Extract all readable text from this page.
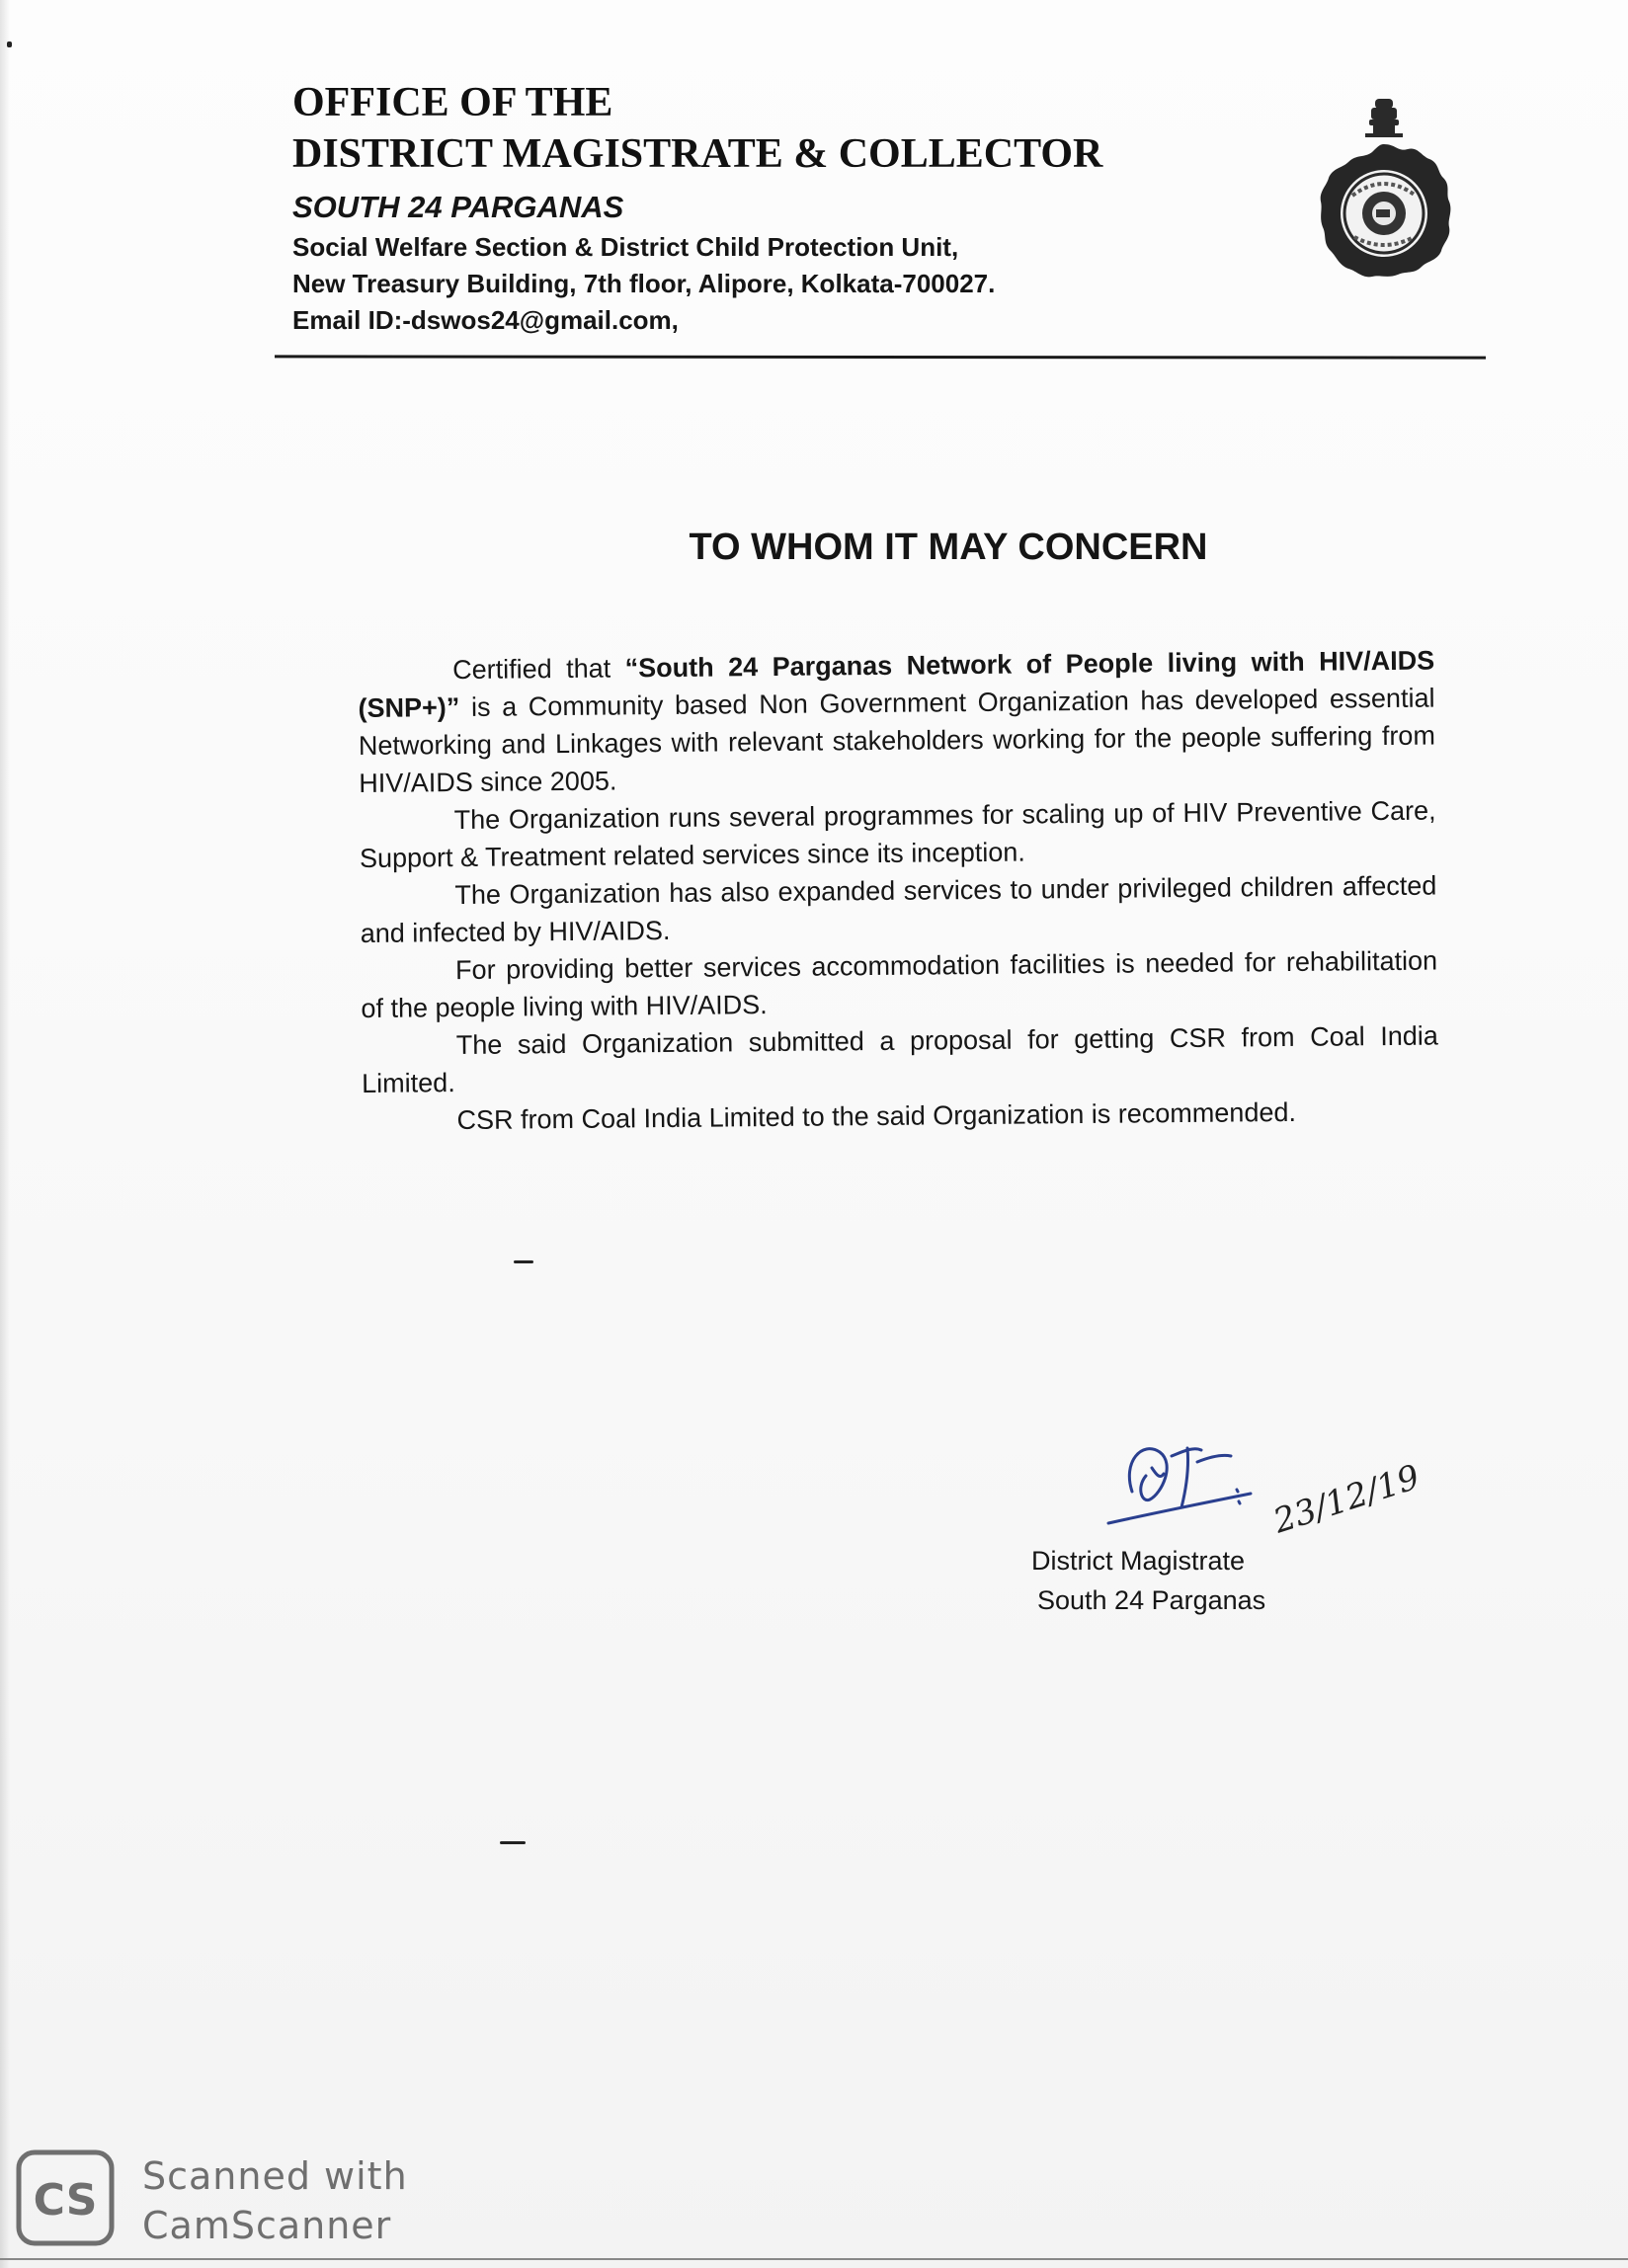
OFFICE OF THE
DISTRICT MAGISTRATE & COLLECTOR
SOUTH 24 PARGANAS
Social Welfare Section & District Child Protection Unit,
New Treasury Building, 7th floor, Alipore, Kolkata-700027.
Email ID:-dswos24@gmail.com,
TO WHOM IT MAY CONCERN

Certified that “South 24 Parganas Network of People living with HIV/AIDS (SNP+)” is a Community based Non Government Organization has developed essential Networking and Linkages with relevant stakeholders working for the people suffering from HIV/AIDS since 2005.

The Organization runs several programmes for scaling up of HIV Preventive Care, Support & Treatment related services since its inception.

The Organization has also expanded services to under privileged children affected and infected by HIV/AIDS.

For providing better services accommodation facilities is needed for rehabilitation of the people living with HIV/AIDS.

The said Organization submitted a proposal for getting CSR from Coal India Limited.

CSR from Coal India Limited to the said Organization is recommended.

23/12/19
District Magistrate
South 24 Parganas
CS Scanned with
CamScanner
